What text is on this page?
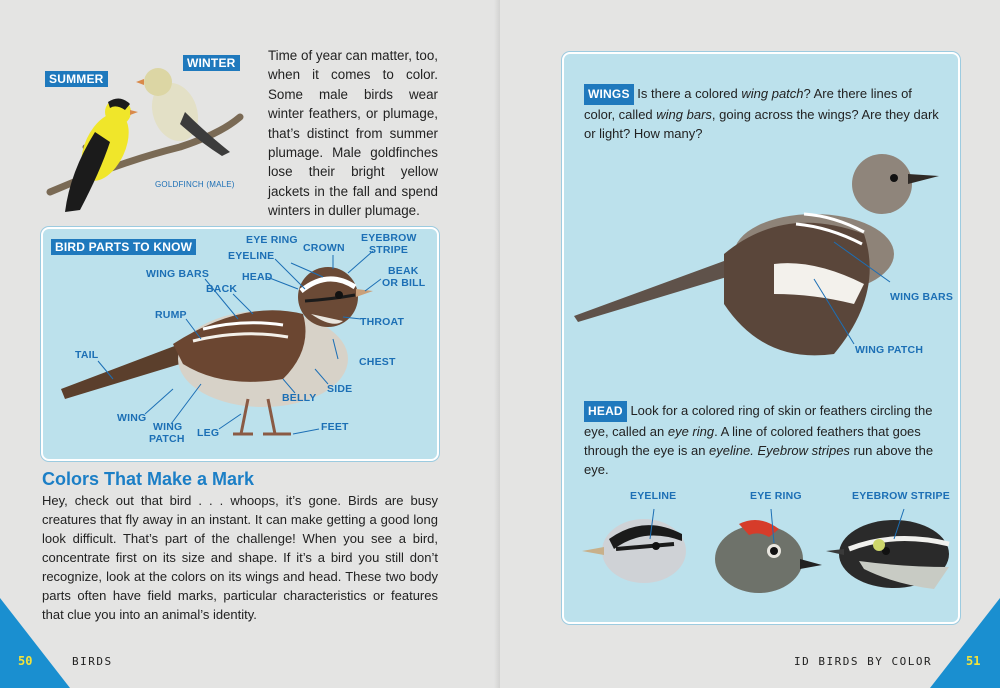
SUMMER
WINTER
GOLDFINCH (MALE)
Time of year can matter, too, when it comes to color. Some male birds wear winter feathers, or plumage, that’s distinct from summer plumage. Male goldfinches lose their bright yellow jackets in the fall and spend winters in duller plumage.
BIRD PARTS TO KNOW	EYE RING
CROWN
EYEBROW
STRIPE
EYELINE
WING BARS	HEAD	BEAK
OR BILL
BACK
RUMP
THROAT
CHEST
TAIL
SIDE
BELLY
WING
WING
PATCH LEG	FEET
Colors That Make a Mark
Hey, check out that bird . . . whoops, it’s gone. Birds are busy creatures that fly away in an instant. It can make getting a good long look difficult. That’s part of the challenge! When you see a bird, concentrate first on its size and shape. If it’s a bird you still don’t recognize, look at the colors on its wings and head. These two body parts often have field marks, particular characteristics or features that clue you into an animal’s identity.
50	BIRDS
WINGS Is there a colored wing patch? Are there lines of color, called wing bars, going across the wings? Are they dark or light? How many?
WING BARS
WING PATCH
HEAD Look for a colored ring of skin or feathers circling the eye, called an eye ring. A line of colored feathers that goes through the eye is an eyeline. Eyebrow stripes run above the eye.
EYELINE	EYE RING	EYEBROW STRIPE
ID BIRDS BY COLOR	51
